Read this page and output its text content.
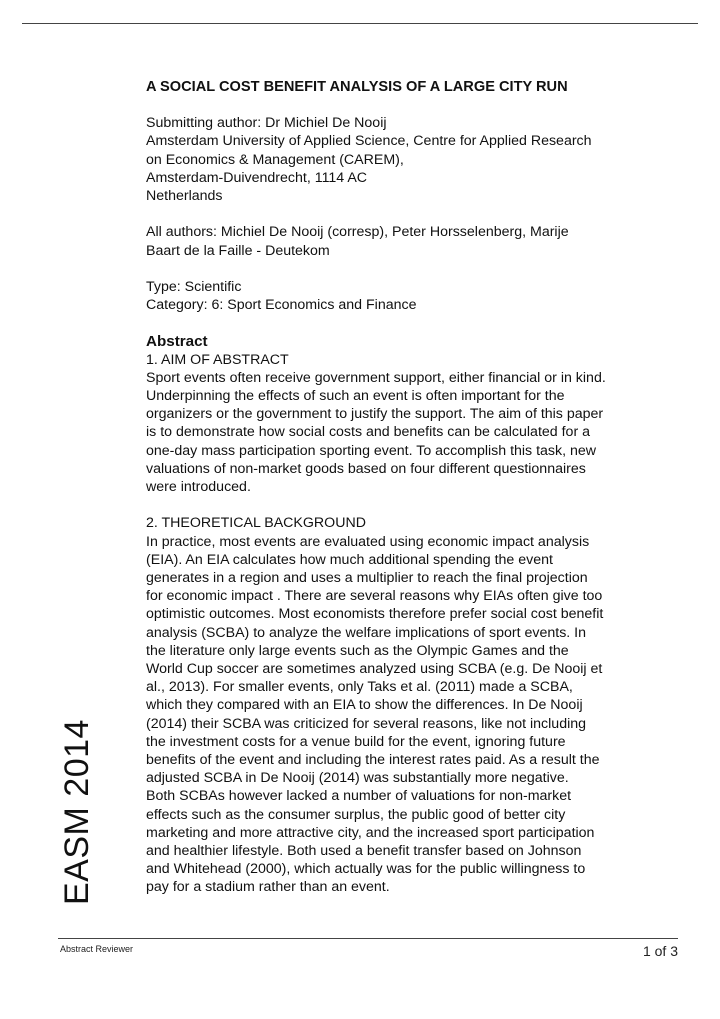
A SOCIAL COST BENEFIT ANALYSIS OF A LARGE CITY RUN
Submitting author: Dr Michiel De Nooij
Amsterdam University of Applied Science, Centre for Applied Research
on Economics & Management (CAREM),
Amsterdam-Duivendrecht, 1114 AC
Netherlands
All authors: Michiel De Nooij (corresp), Peter Horsselenberg, Marije
Baart de la Faille - Deutekom
Type: Scientific
Category: 6: Sport Economics and Finance
Abstract
1. AIM OF ABSTRACT
Sport events often receive government support, either financial or in kind.
Underpinning the effects of such an event is often important for the
organizers or the government to justify the support. The aim of this paper
is to demonstrate how social costs and benefits can be calculated for a
one-day mass participation sporting event. To accomplish this task, new
valuations of non-market goods based on four different questionnaires
were introduced.
2. THEORETICAL BACKGROUND
In practice, most events are evaluated using economic impact analysis
(EIA). An EIA calculates how much additional spending the event
generates in a region and uses a multiplier to reach the final projection
for economic impact . There are several reasons why EIAs often give too
optimistic outcomes. Most economists therefore prefer social cost benefit
analysis (SCBA) to analyze the welfare implications of sport events. In
the literature only large events such as the Olympic Games and the
World Cup soccer are sometimes analyzed using SCBA (e.g. De Nooij et
al., 2013). For smaller events, only Taks et al. (2011) made a SCBA,
which they compared with an EIA to show the differences. In De Nooij
(2014) their SCBA was criticized for several reasons, like not including
the investment costs for a venue build for the event, ignoring future
benefits of the event and including the interest rates paid. As a result the
adjusted SCBA in De Nooij (2014) was substantially more negative.
Both SCBAs however lacked a number of valuations for non-market
effects such as the consumer surplus, the public good of better city
marketing and more attractive city, and the increased sport participation
and healthier lifestyle. Both used a benefit transfer based on Johnson
and Whitehead (2000), which actually was for the public willingness to
pay for a stadium rather than an event.
EASM 2014
Abstract Reviewer	1 of 3
